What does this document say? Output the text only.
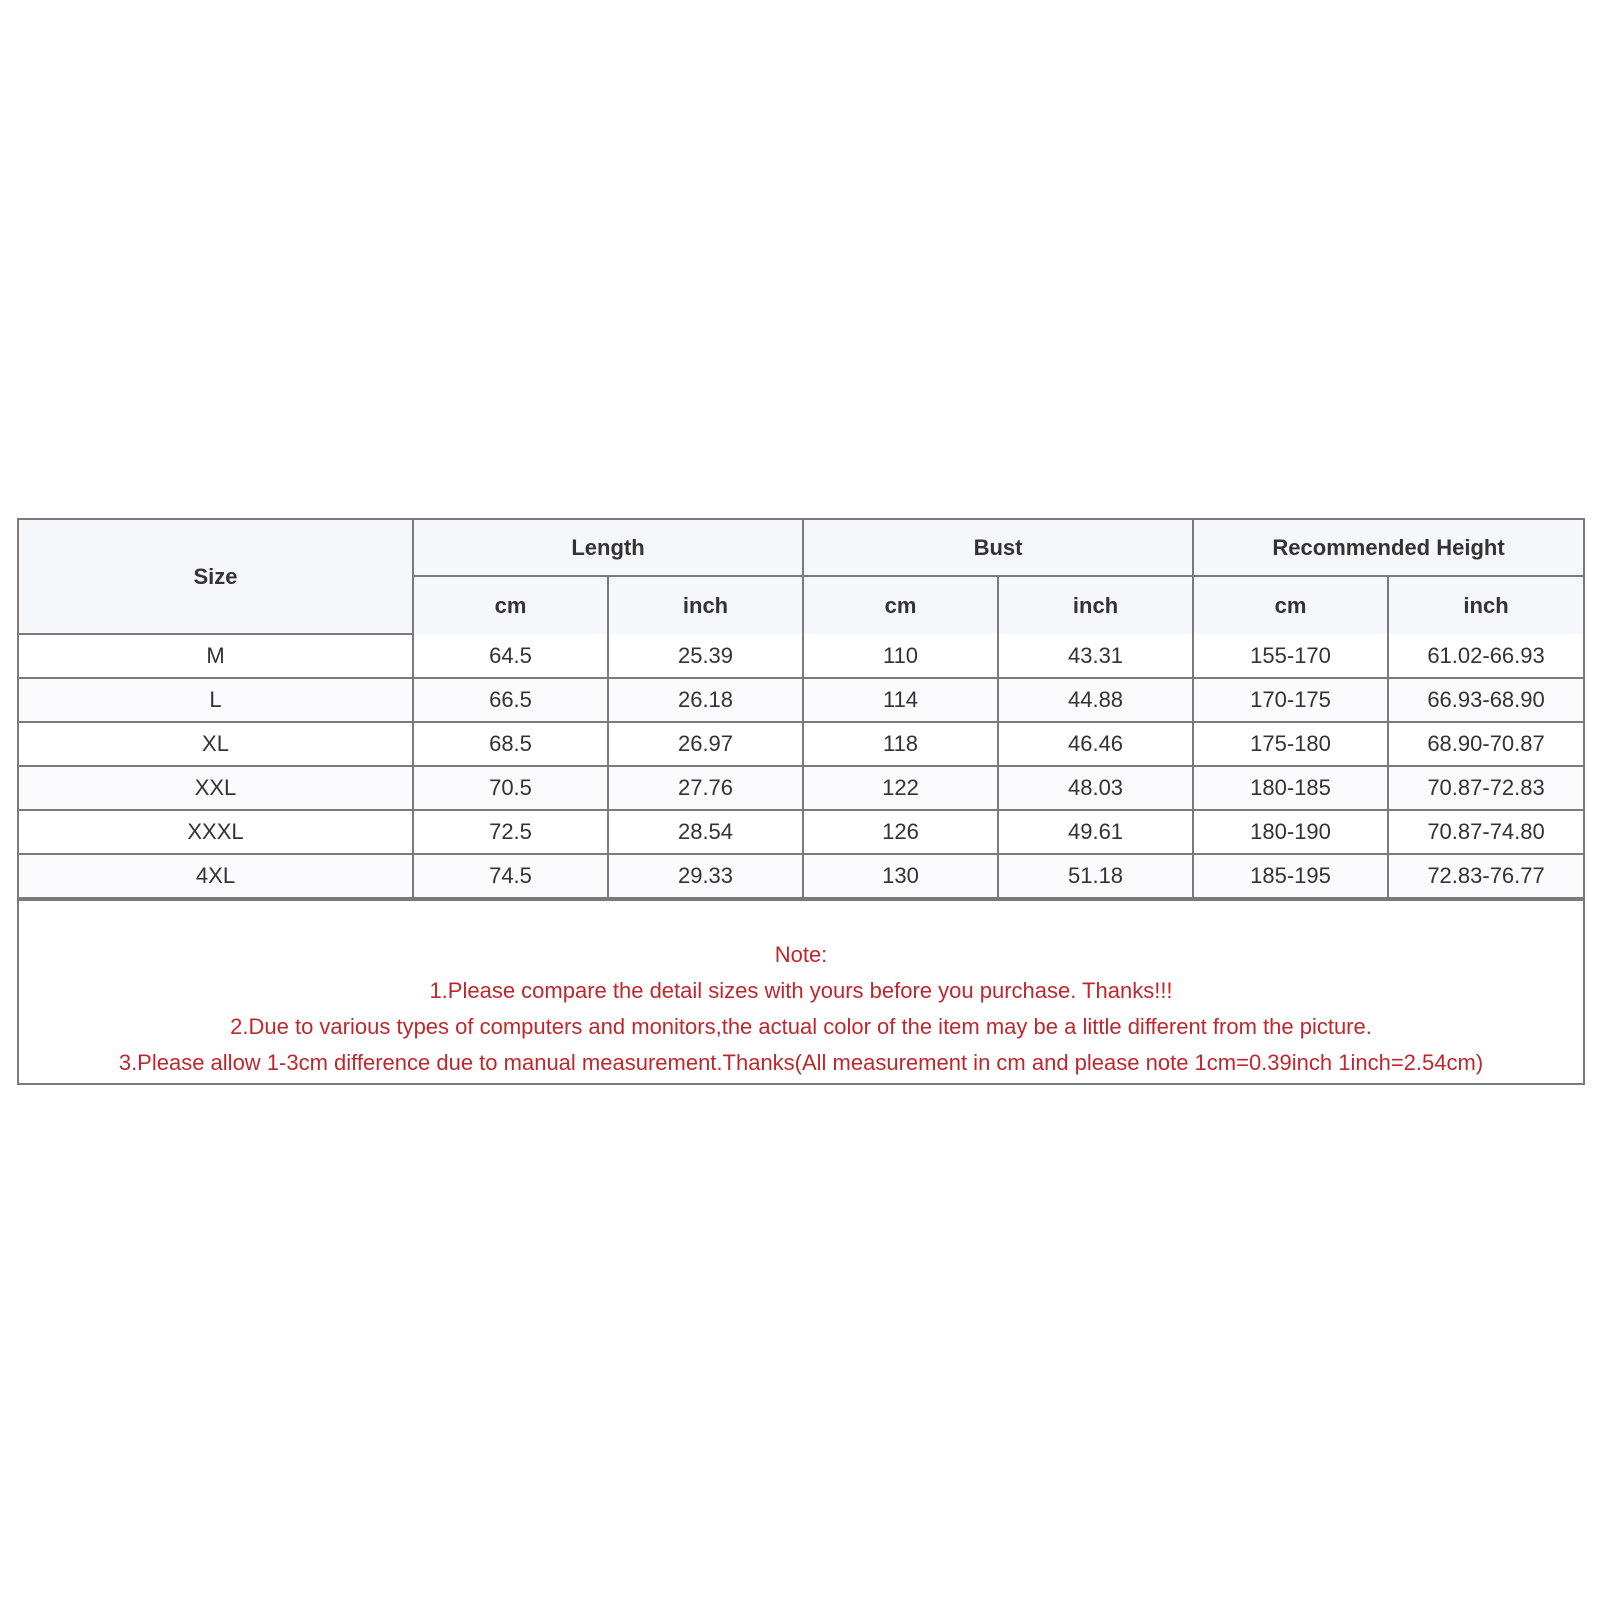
Size	Length		Bust		Recommended Height	
	cm	inch	cm	inch	cm	inch
M	64.5	25.39	110	43.31	155-170	61.02-66.93
L	66.5	26.18	114	44.88	170-175	66.93-68.90
XL	68.5	26.97	118	46.46	175-180	68.90-70.87
XXL	70.5	27.76	122	48.03	180-185	70.87-72.83
XXXL	72.5	28.54	126	49.61	180-190	70.87-74.80
4XL	74.5	29.33	130	51.18	185-195	72.83-76.77
Note:
1.Please compare the detail sizes with yours before you purchase. Thanks!!!
2.Due to various types of computers and monitors,the actual color of the item may be a little different from the picture.
3.Please allow 1-3cm difference due to manual measurement.Thanks(All measurement in cm and please note 1cm=0.39inch 1inch=2.54cm)
